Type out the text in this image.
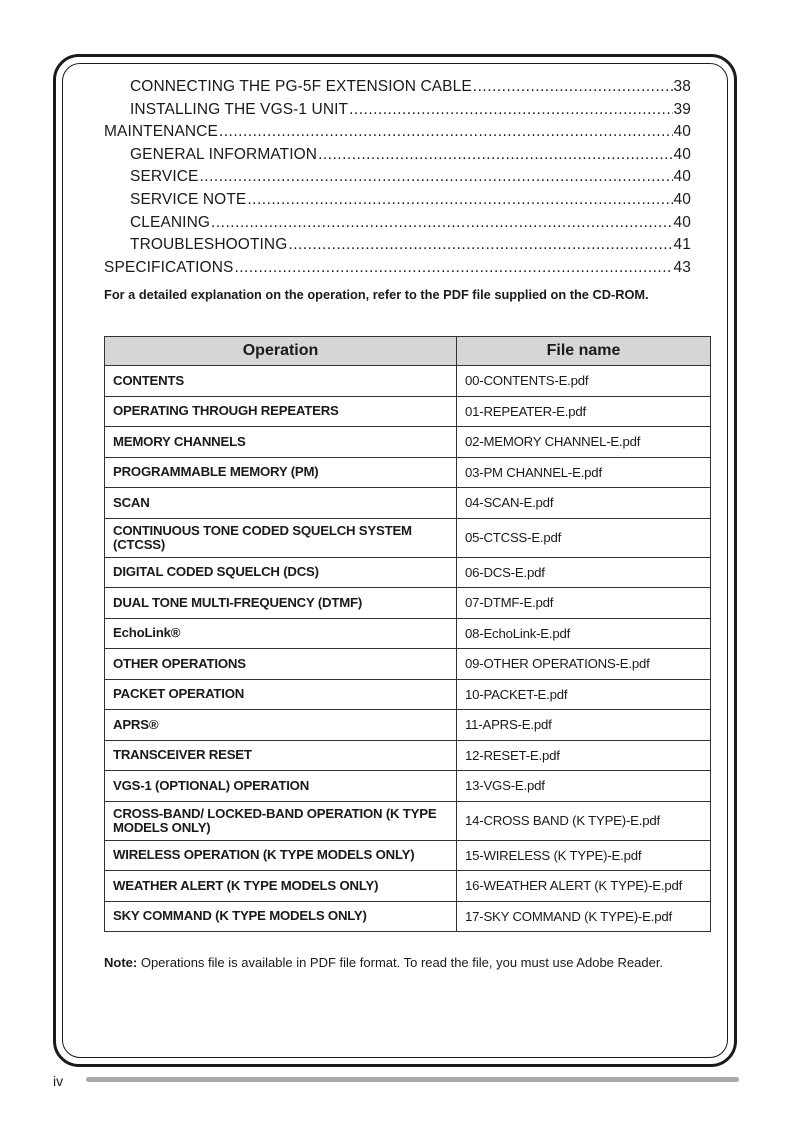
CONNECTING THE PG-5F EXTENSION CABLE .....	38
INSTALLING THE VGS-1 UNIT .....	39
MAINTENANCE .....	40
GENERAL INFORMATION .....	40
SERVICE .....	40
SERVICE NOTE .....	40
CLEANING .....	40
TROUBLESHOOTING .....	41
SPECIFICATIONS .....	43
For a detailed explanation on the operation, refer to the PDF file supplied on the CD-ROM.
Operation	File name
CONTENTS	00-CONTENTS-E.pdf
OPERATING THROUGH REPEATERS	01-REPEATER-E.pdf
MEMORY CHANNELS	02-MEMORY CHANNEL-E.pdf
PROGRAMMABLE MEMORY (PM)	03-PM CHANNEL-E.pdf
SCAN	04-SCAN-E.pdf
CONTINUOUS TONE CODED SQUELCH SYSTEM (CTCSS)	05-CTCSS-E.pdf
DIGITAL CODED SQUELCH (DCS)	06-DCS-E.pdf
DUAL TONE MULTI-FREQUENCY (DTMF)	07-DTMF-E.pdf
EchoLink®	08-EchoLink-E.pdf
OTHER OPERATIONS	09-OTHER OPERATIONS-E.pdf
PACKET OPERATION	10-PACKET-E.pdf
APRS®	11-APRS-E.pdf
TRANSCEIVER RESET	12-RESET-E.pdf
VGS-1 (OPTIONAL) OPERATION	13-VGS-E.pdf
CROSS-BAND/ LOCKED-BAND OPERATION (K TYPE MODELS ONLY)	14-CROSS BAND (K TYPE)-E.pdf
WIRELESS OPERATION (K TYPE MODELS ONLY)	15-WIRELESS (K TYPE)-E.pdf
WEATHER ALERT (K TYPE MODELS ONLY)	16-WEATHER ALERT (K TYPE)-E.pdf
SKY COMMAND (K TYPE MODELS ONLY)	17-SKY COMMAND (K TYPE)-E.pdf
Note: Operations file is available in PDF file format. To read the file, you must use Adobe Reader.
iv
